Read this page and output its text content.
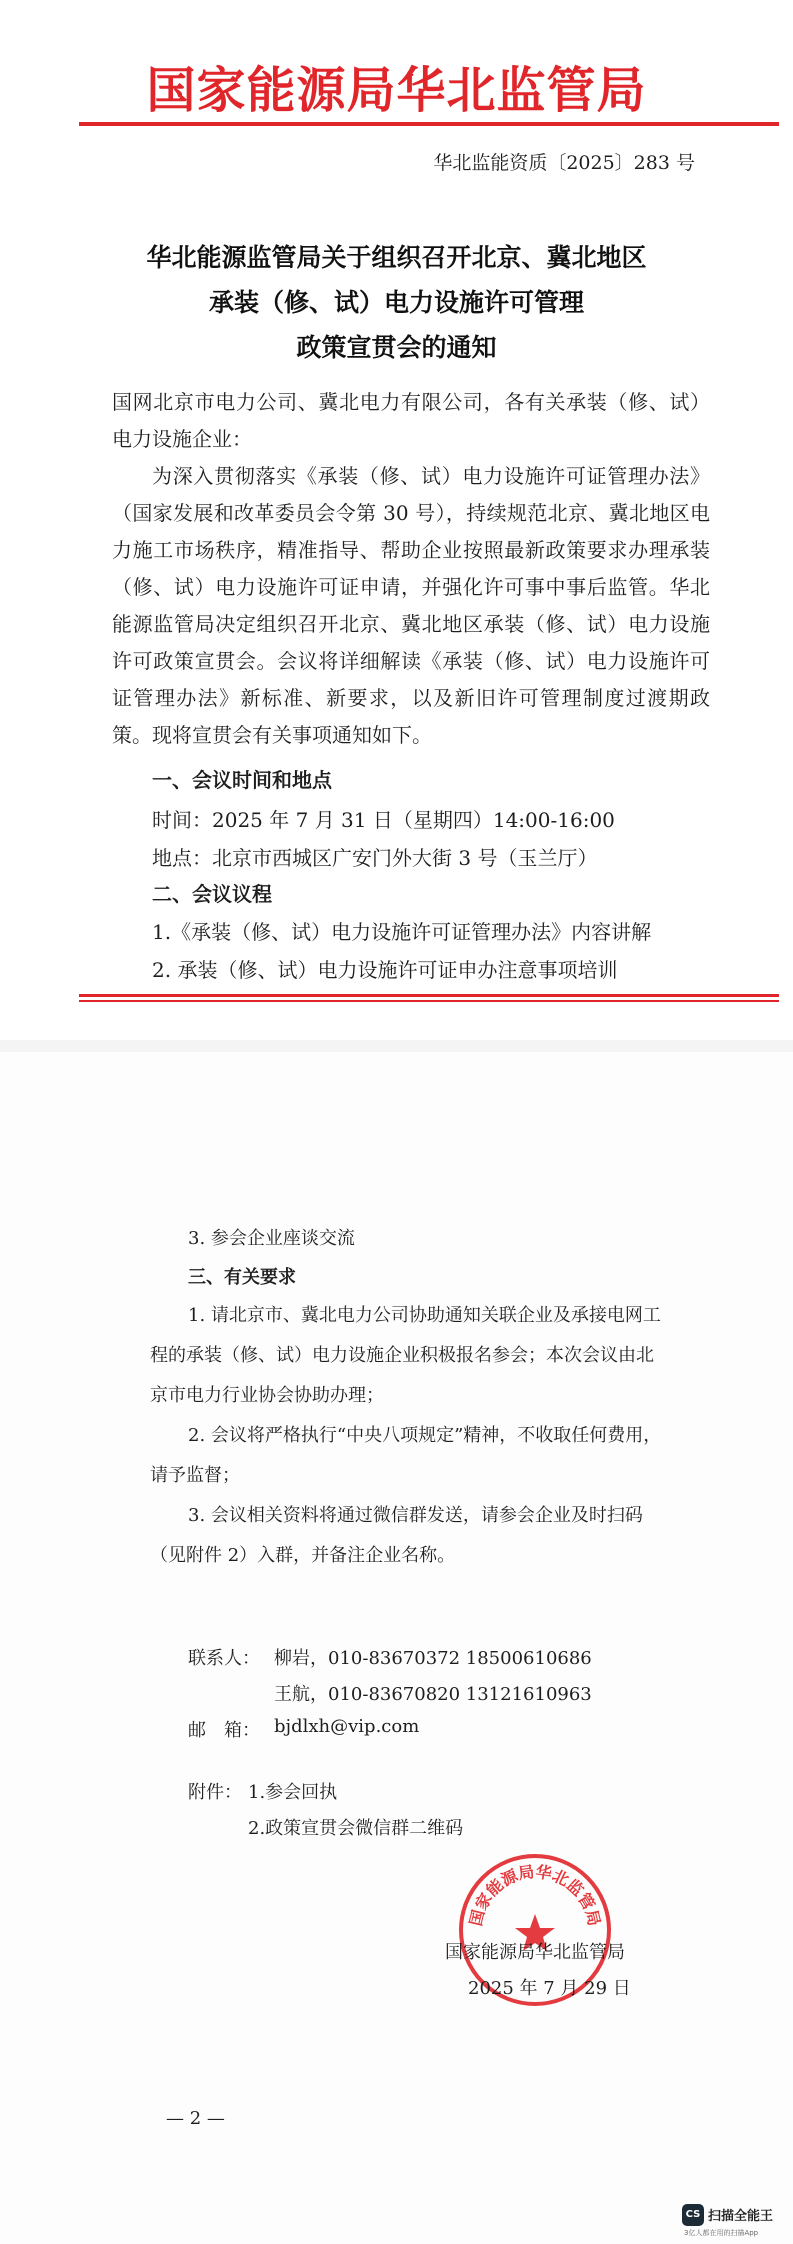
国家能源局华北监管局
华北监能资质〔2025〕283 号
华北能源监管局关于组织召开北京、冀北地区
承装（修、试）电力设施许可管理
政策宣贯会的通知
国网北京市电力公司、冀北电力有限公司，各有关承装（修、试）电力设施企业：
为深入贯彻落实《承装（修、试）电力设施许可证管理办法》（国家发展和改革委员会令第 30 号），持续规范北京、冀北地区电力施工市场秩序，精准指导、帮助企业按照最新政策要求办理承装（修、试）电力设施许可证申请，并强化许可事中事后监管。华北能源监管局决定组织召开北京、冀北地区承装（修、试）电力设施许可政策宣贯会。会议将详细解读《承装（修、试）电力设施许可证管理办法》新标准、新要求，以及新旧许可管理制度过渡期政策。现将宣贯会有关事项通知如下。
一、会议时间和地点
时间：2025 年 7 月 31 日（星期四）14:00-16:00
地点：北京市西城区广安门外大街 3 号（玉兰厅）
二、会议议程
1.《承装（修、试）电力设施许可证管理办法》内容讲解
2. 承装（修、试）电力设施许可证申办注意事项培训
3. 参会企业座谈交流
三、有关要求
1. 请北京市、冀北电力公司协助通知关联企业及承接电网工程的承装（修、试）电力设施企业积极报名参会；本次会议由北京市电力行业协会协助办理；
2. 会议将严格执行“中央八项规定”精神，不收取任何费用，请予监督；
3. 会议相关资料将通过微信群发送，请参会企业及时扫码（见附件 2）入群，并备注企业名称。
联系人： 柳岩，010-83670372 18500610686
王航，010-83670820 13121610963
邮　箱： bjdlxh@vip.com
附件： 1.参会回执
2.政策宣贯会微信群二维码
国家能源局华北监管局
国家能源局华北监管局
2025 年 7 月 29 日
— 2 —
CS 扫描全能王
3亿人都在用的扫描App
